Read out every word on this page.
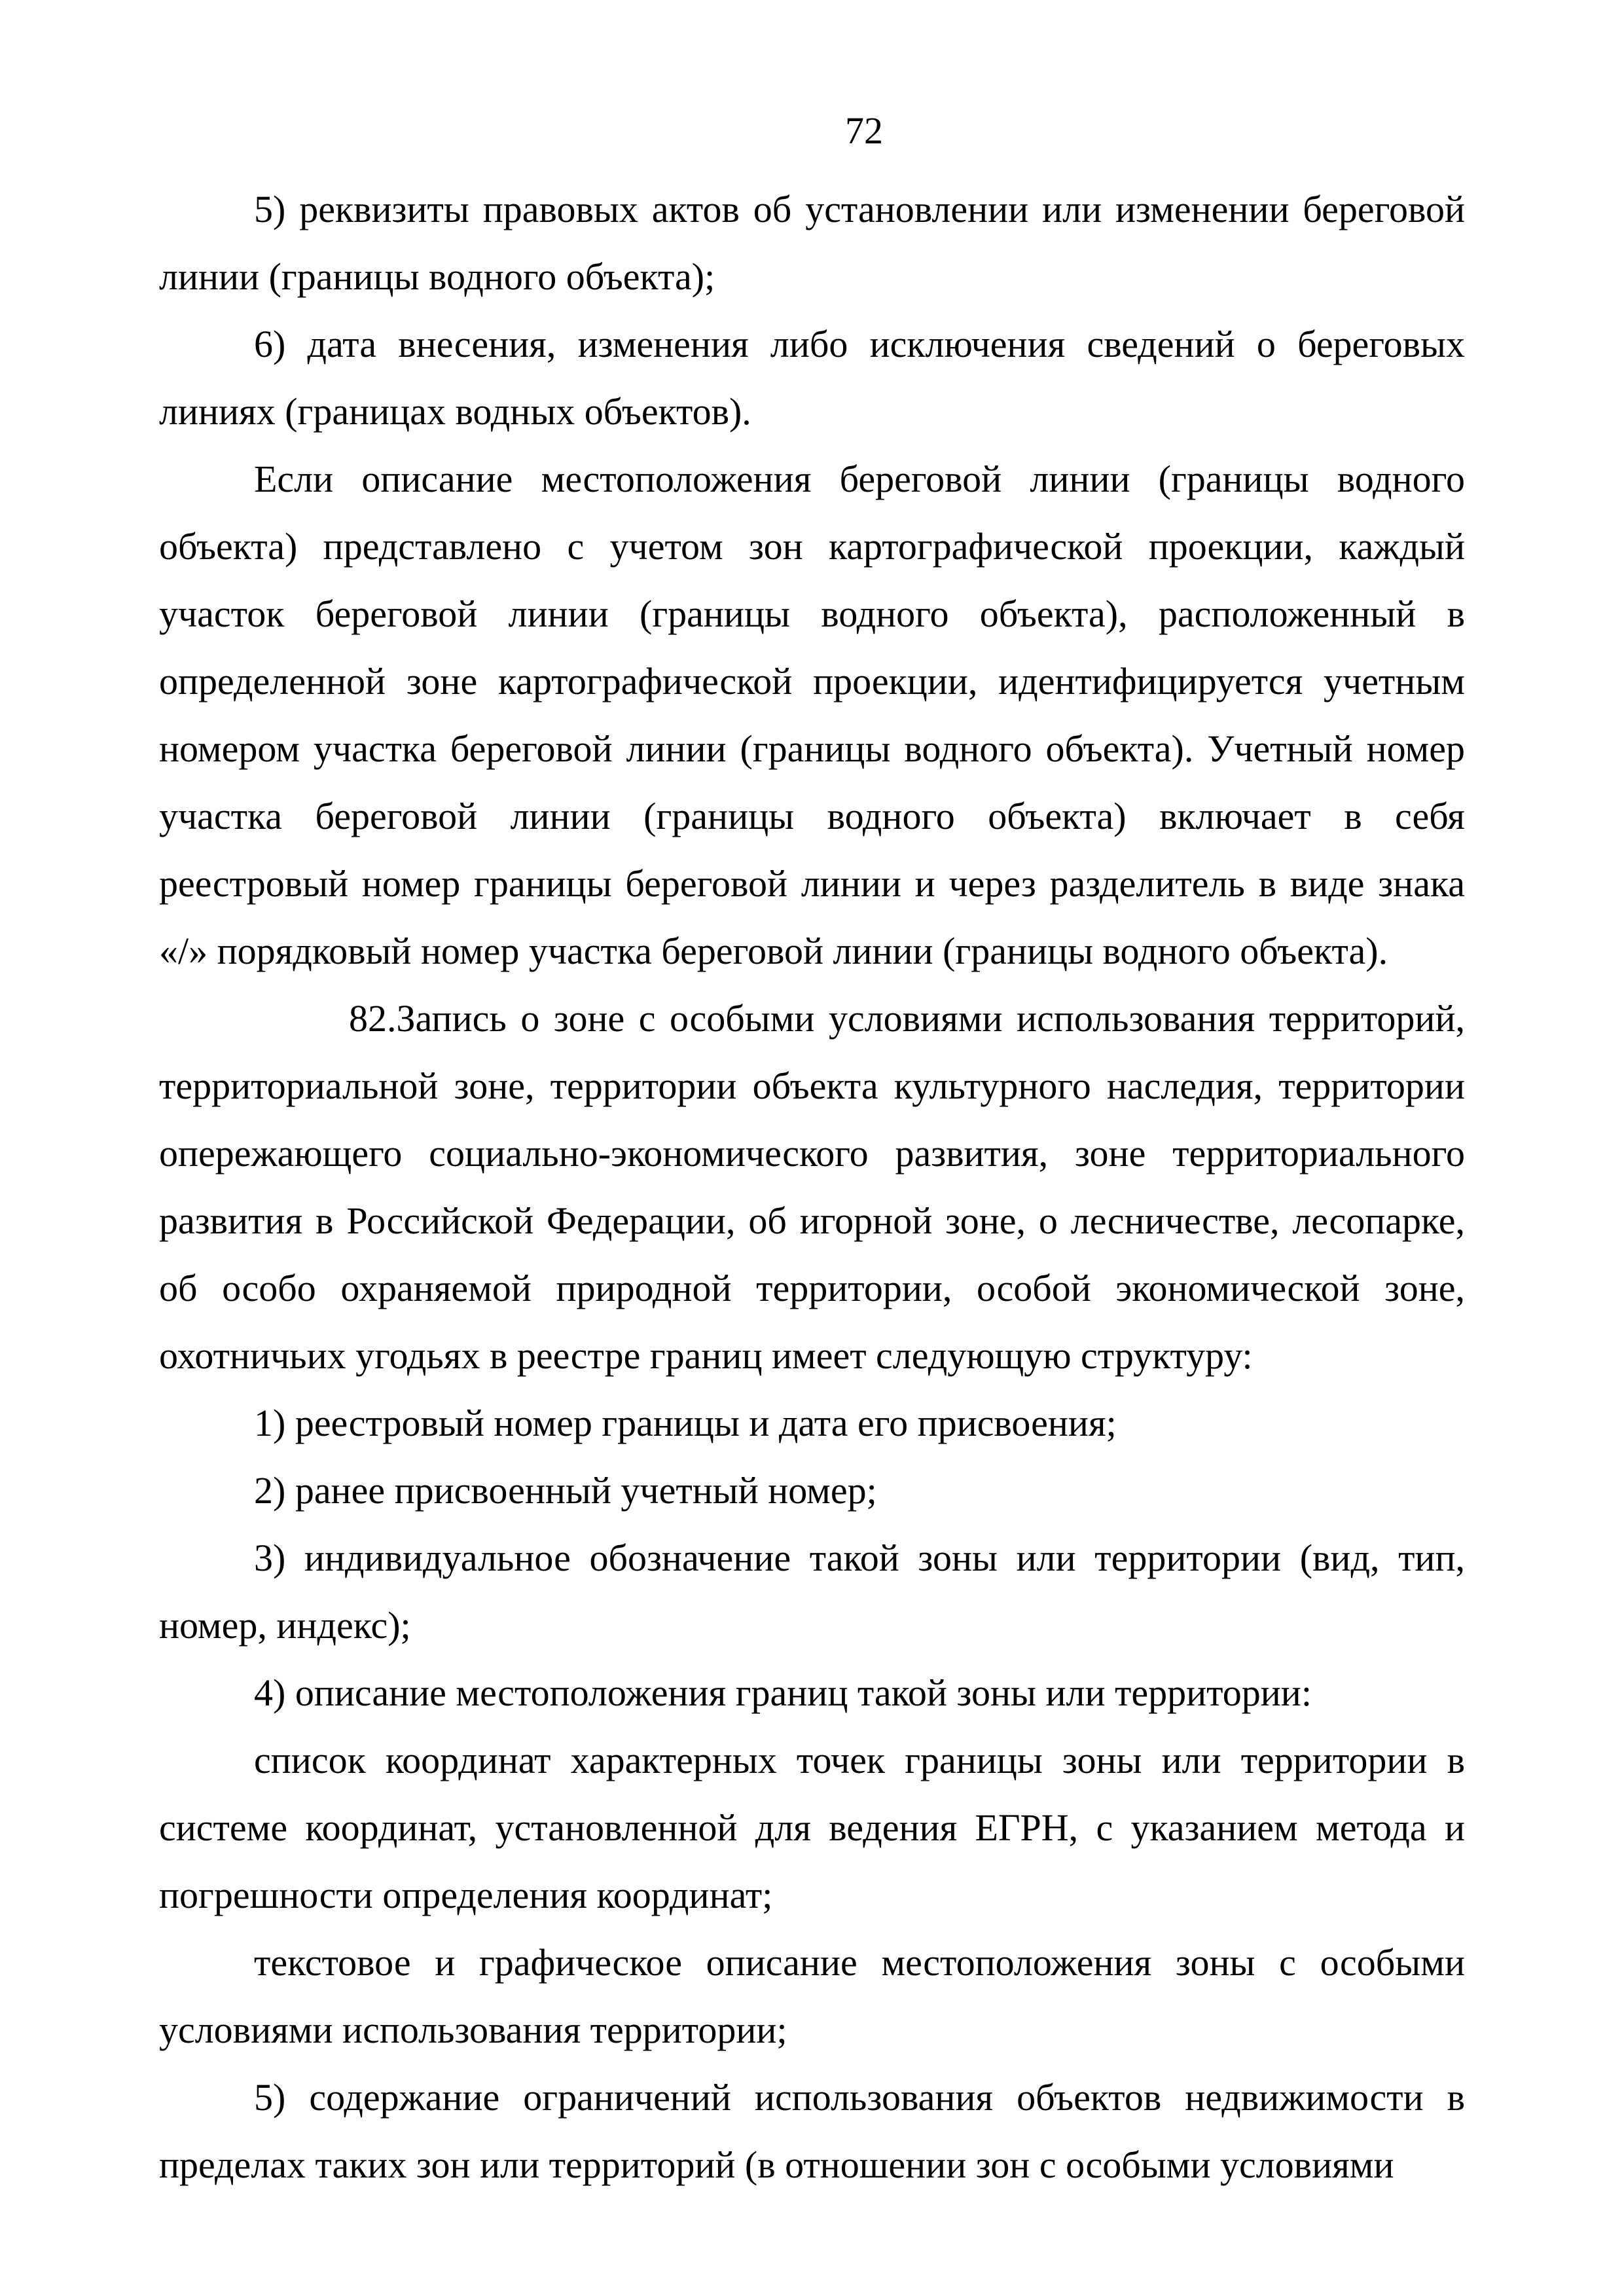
72

5) реквизиты правовых актов об установлении или изменении береговой линии (границы водного объекта);

6) дата внесения, изменения либо исключения сведений о береговых линиях (границах водных объектов).

Если описание местоположения береговой линии (границы водного объекта) представлено с учетом зон картографической проекции, каждый участок береговой линии (границы водного объекта), расположенный в определенной зоне картографической проекции, идентифицируется учетным номером участка береговой линии (границы водного объекта). Учетный номер участка береговой линии (границы водного объекта) включает в себя реестровый номер границы береговой линии и через разделитель в виде знака «/» порядковый номер участка береговой линии (границы водного объекта).

82.Запись о зоне с особыми условиями использования территорий, территориальной зоне, территории объекта культурного наследия, территории опережающего социально-экономического развития, зоне территориального развития в Российской Федерации, об игорной зоне, о лесничестве, лесопарке, об особо охраняемой природной территории, особой экономической зоне, охотничьих угодьях в реестре границ имеет следующую структуру:

1) реестровый номер границы и дата его присвоения;

2) ранее присвоенный учетный номер;

3) индивидуальное обозначение такой зоны или территории (вид, тип, номер, индекс);

4) описание местоположения границ такой зоны или территории:

список координат характерных точек границы зоны или территории в системе координат, установленной для ведения ЕГРН, с указанием метода и погрешности определения координат;

текстовое и графическое описание местоположения зоны с особыми условиями использования территории;

5) содержание ограничений использования объектов недвижимости в пределах таких зон или территорий (в отношении зон с особыми условиями
